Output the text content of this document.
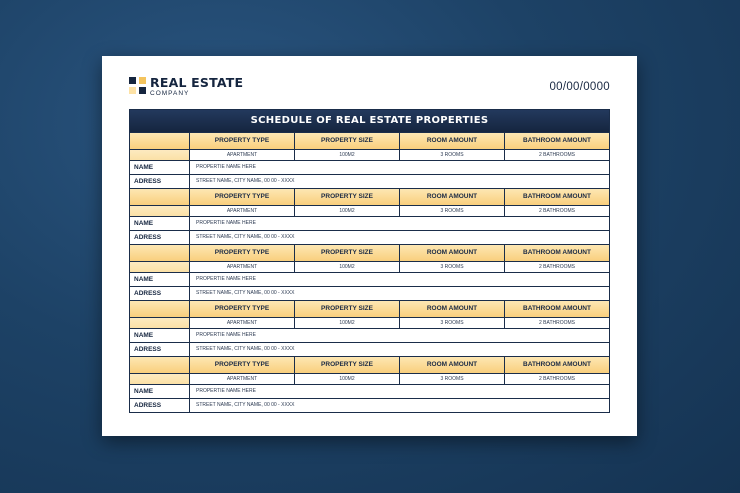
REAL ESTATE
COMPANY
00/00/0000
SCHEDULE OF REAL ESTATE PROPERTIES
PROPERTY TYPE	PROPERTY SIZE	ROOM AMOUNT	BATHROOM AMOUNT
APARTMENT	100M2	3 ROOMS	2 BATHROOMS
NAME	PROPERTIE NAME HERE
ADRESS	STREET NAME, CITY NAME, 00 00 - XXXX
PROPERTY TYPE	PROPERTY SIZE	ROOM AMOUNT	BATHROOM AMOUNT
APARTMENT	100M2	3 ROOMS	2 BATHROOMS
NAME	PROPERTIE NAME HERE
ADRESS	STREET NAME, CITY NAME, 00 00 - XXXX
PROPERTY TYPE	PROPERTY SIZE	ROOM AMOUNT	BATHROOM AMOUNT
APARTMENT	100M2	3 ROOMS	2 BATHROOMS
NAME	PROPERTIE NAME HERE
ADRESS	STREET NAME, CITY NAME, 00 00 - XXXX
PROPERTY TYPE	PROPERTY SIZE	ROOM AMOUNT	BATHROOM AMOUNT
APARTMENT	100M2	3 ROOMS	2 BATHROOMS
NAME	PROPERTIE NAME HERE
ADRESS	STREET NAME, CITY NAME, 00 00 - XXXX
PROPERTY TYPE	PROPERTY SIZE	ROOM AMOUNT	BATHROOM AMOUNT
APARTMENT	100M2	3 ROOMS	2 BATHROOMS
NAME	PROPERTIE NAME HERE
ADRESS	STREET NAME, CITY NAME, 00 00 - XXXX
